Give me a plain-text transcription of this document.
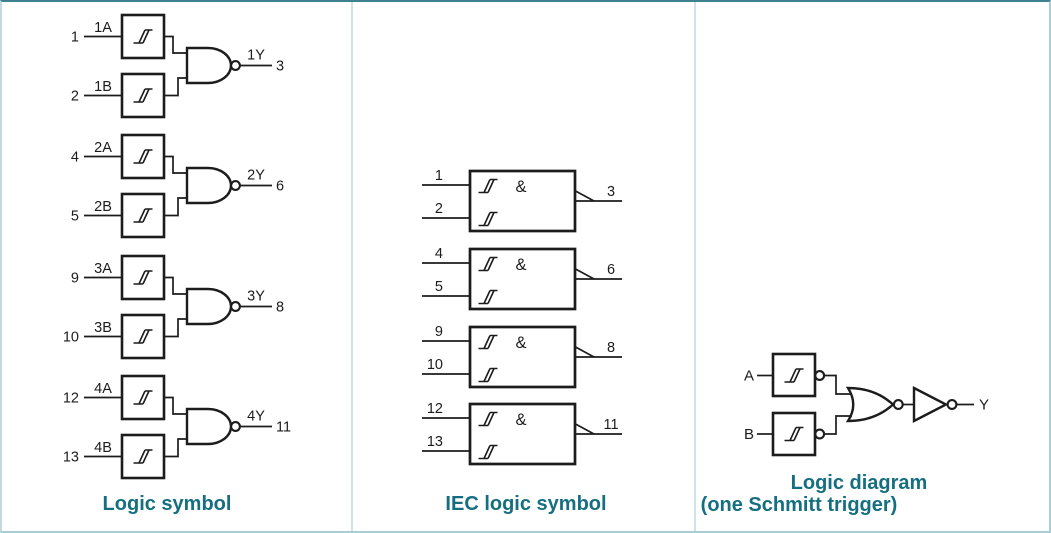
1
2
1A
1B
1Y
3
4
5
2A
2B
2Y
6
9
10
3A
3B
3Y
8
12
13
4A
4B
4Y
11
1
2
&	3
4
5
&	6
9
10
&	8
12
13
&	11
A
B
Y
Logic symbol	IEC logic symbol
Logic diagram
(one Schmitt trigger)
